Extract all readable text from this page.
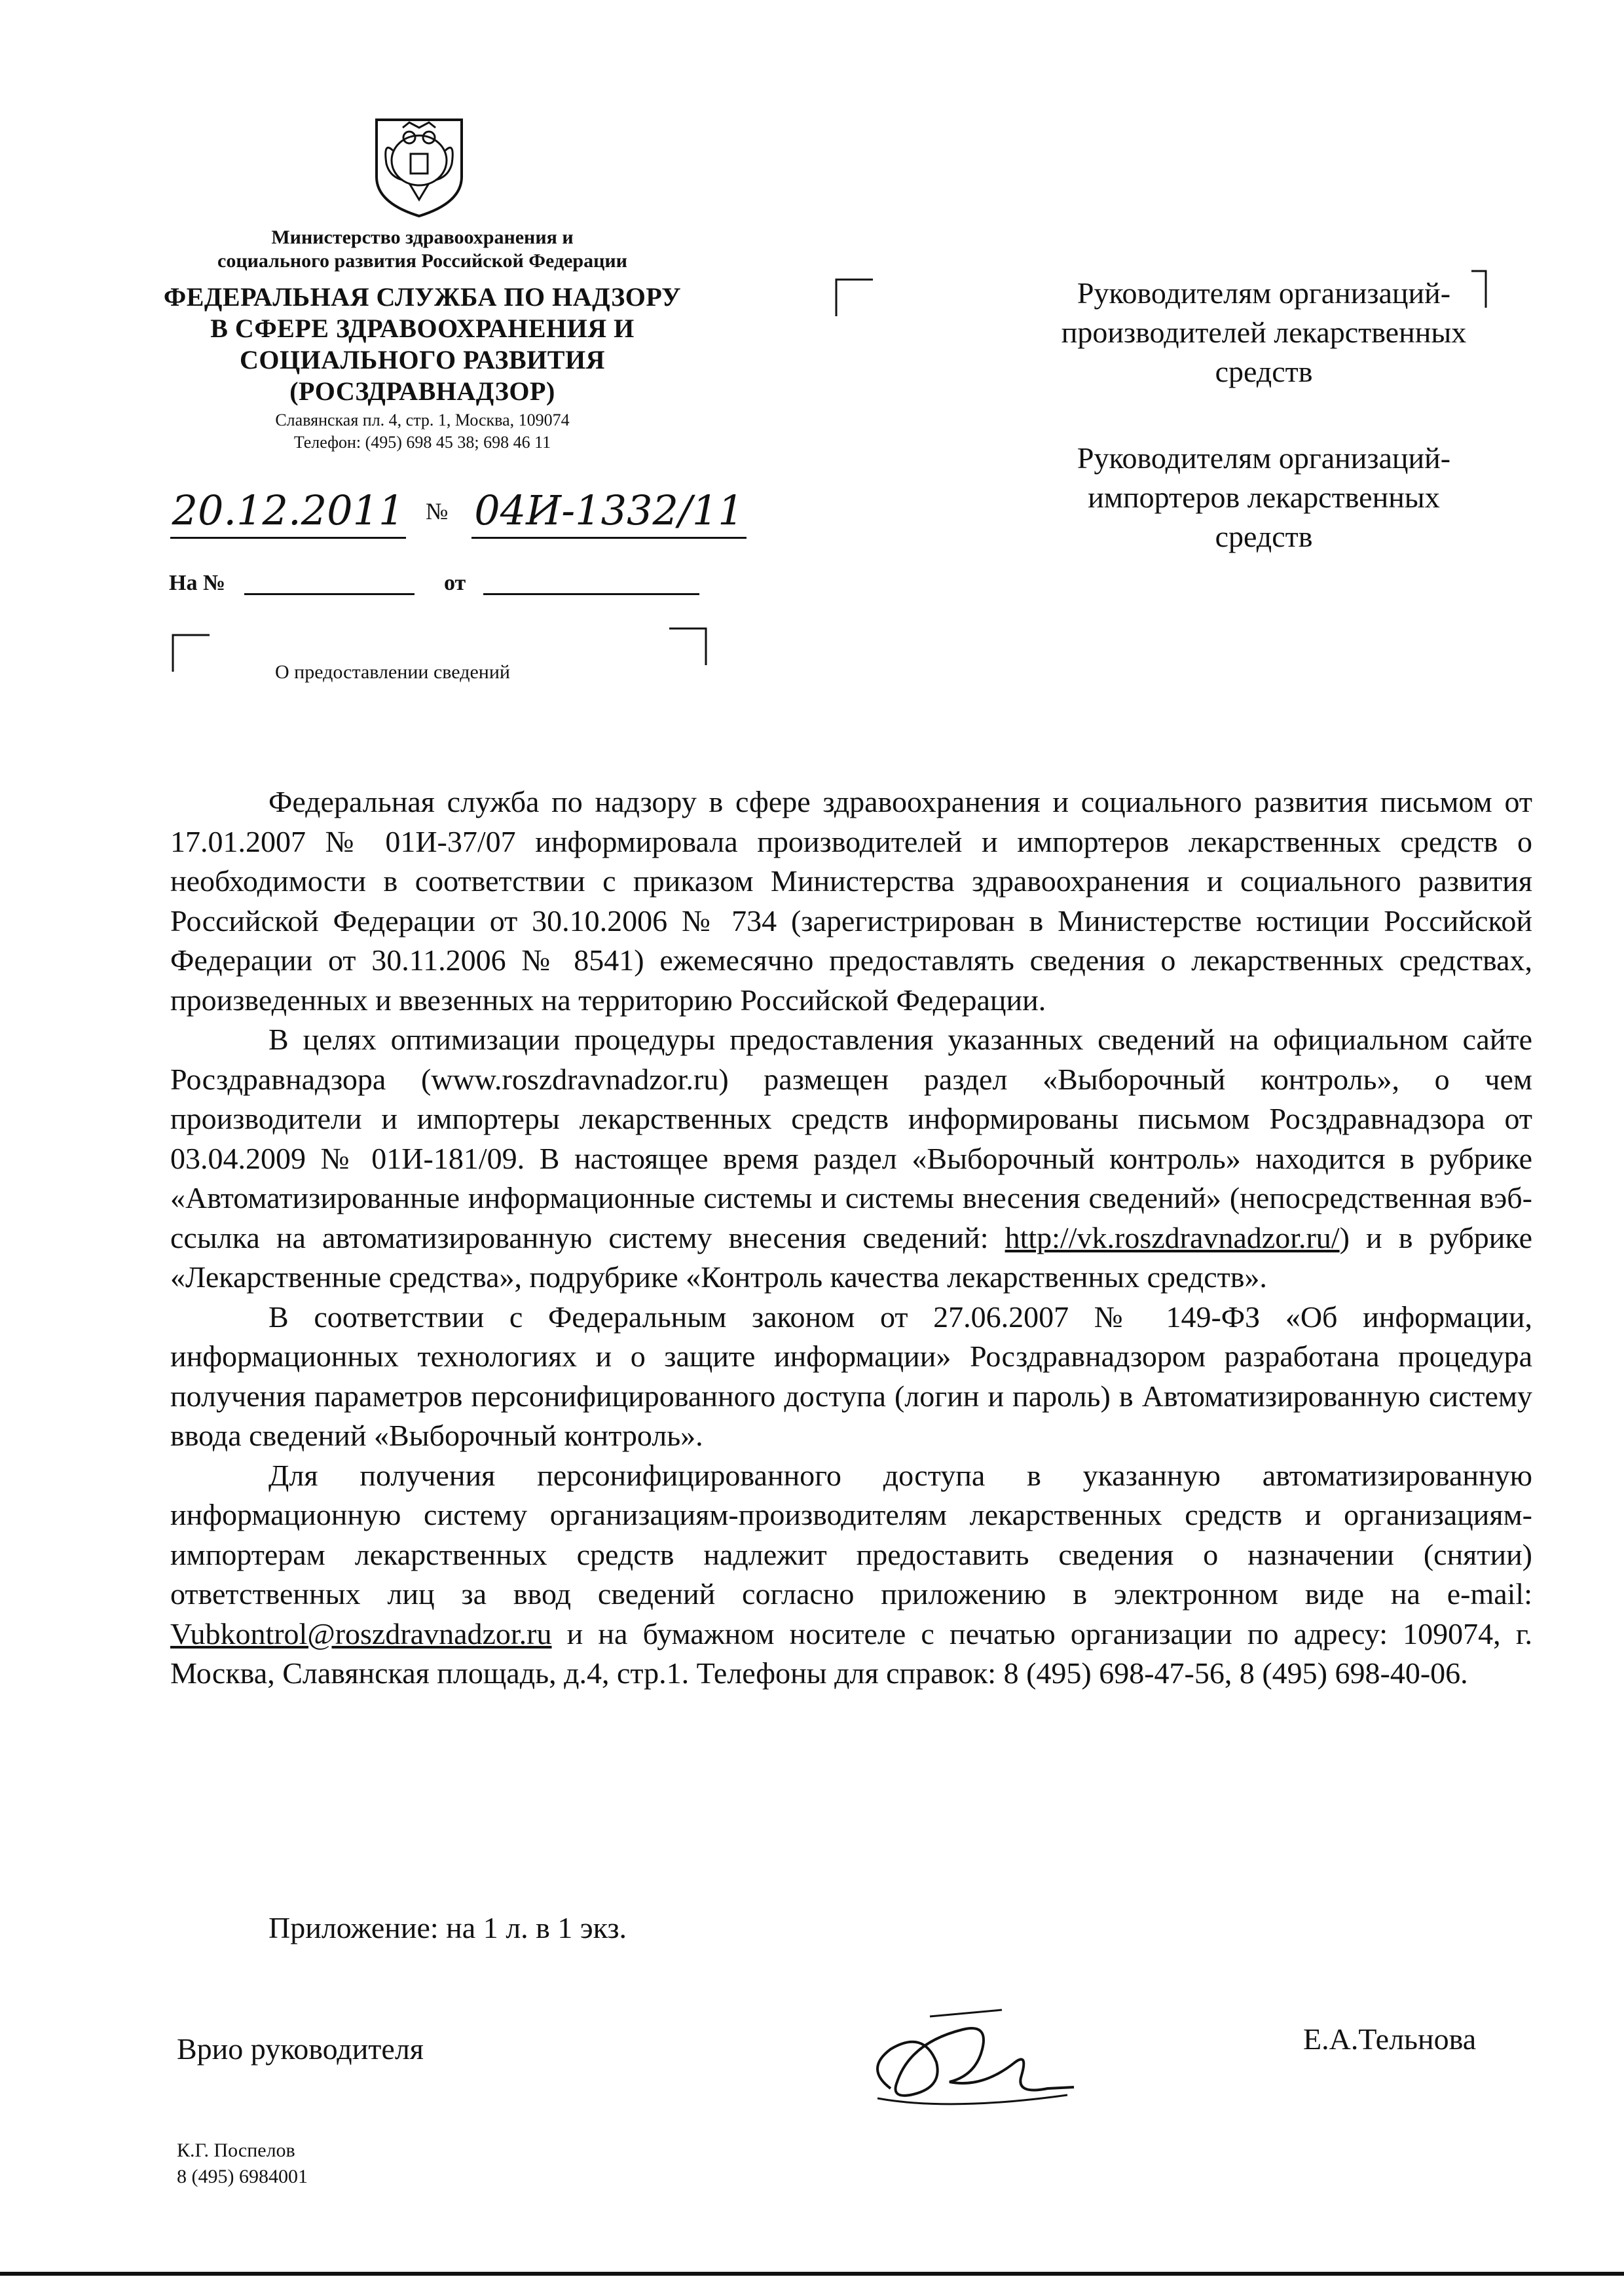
Министерство здравоохранения и
социального развития Российской Федерации
ФЕДЕРАЛЬНАЯ СЛУЖБА ПО НАДЗОРУ
В СФЕРЕ ЗДРАВООХРАНЕНИЯ И
СОЦИАЛЬНОГО РАЗВИТИЯ
(РОСЗДРАВНАДЗОР)
Славянская пл. 4, стр. 1, Москва, 109074
Телефон: (495) 698 45 38; 698 46 11
20.12.2011 № 04И-1332/11
На №	от
О предоставлении сведений
Руководителям организаций-
производителей лекарственных
средств
Руководителям организаций-
импортеров лекарственных
средств

Федеральная служба по надзору в сфере здравоохранения и социального развития письмом от 17.01.2007 № 01И-37/07 информировала производителей и импортеров лекарственных средств о необходимости в соответствии с приказом Министерства здравоохранения и социального развития Российской Федерации от 30.10.2006 № 734 (зарегистрирован в Министерстве юстиции Российской Федерации от 30.11.2006 № 8541) ежемесячно предоставлять сведения о лекарственных средствах, произведенных и ввезенных на территорию Российской Федерации.

В целях оптимизации процедуры предоставления указанных сведений на официальном сайте Росздравнадзора (www.roszdravnadzor.ru) размещен раздел «Выборочный контроль», о чем производители и импортеры лекарственных средств информированы письмом Росздравнадзора от 03.04.2009 № 01И-181/09. В настоящее время раздел «Выборочный контроль» находится в рубрике «Автоматизированные информационные системы и системы внесения сведений» (непосредственная вэб-ссылка на автоматизированную систему внесения сведений: http://vk.roszdravnadzor.ru/) и в рубрике «Лекарственные средства», подрубрике «Контроль качества лекарственных средств».

В соответствии с Федеральным законом от 27.06.2007 № 149-ФЗ «Об информации, информационных технологиях и о защите информации» Росздравнадзором разработана процедура получения параметров персонифицированного доступа (логин и пароль) в Автоматизированную систему ввода сведений «Выборочный контроль».

Для получения персонифицированного доступа в указанную автоматизированную информационную систему организациям-производителям лекарственных средств и организациям-импортерам лекарственных средств надлежит предоставить сведения о назначении (снятии) ответственных лиц за ввод сведений согласно приложению в электронном виде на e-mail: Vubkontrol@roszdravnadzor.ru и на бумажном носителе с печатью организации по адресу: 109074, г. Москва, Славянская площадь, д.4, стр.1. Телефоны для справок: 8 (495) 698-47-56, 8 (495) 698-40-06.

Приложение: на 1 л. в 1 экз.
Врио руководителя	Е.А.Тельнова
К.Г. Поспелов
8 (495) 6984001
